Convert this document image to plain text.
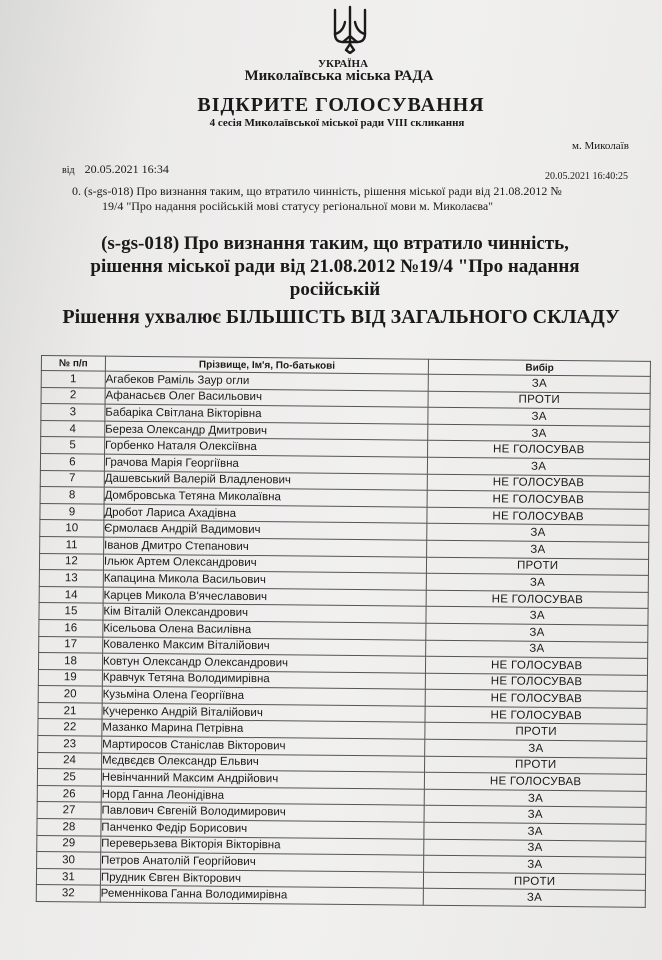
УКРАЇНА
Миколаївська міська РАДА
ВІДКРИТЕ ГОЛОСУВАННЯ
4 сесія Миколаївської міської ради VIII скликання
м. Миколаїв
від 20.05.2021 16:34
20.05.2021 16:40:25
0. (s-gs-018) Про визнання таким, що втратило чинність, рішення міської ради від 21.08.2012 №
19/4 "Про надання російській мові статусу регіональної мови м. Миколаєва"
(s-gs-018) Про визнання таким, що втратило чинність,
рішення міської ради від 21.08.2012 №19/4 "Про надання
російській
Рішення ухвалює БІЛЬШІСТЬ ВІД ЗАГАЛЬНОГО СКЛАДУ
№ п/п	Прізвище, Ім'я, По-батькові	Вибір
1	Агабеков Раміль Заур огли	ЗА
2	Афанасьєв Олег Васильович	ПРОТИ
3	Бабаріка Світлана Вікторівна	ЗА
4	Береза Олександр Дмитрович	ЗА
5	Горбенко Наталя Олексіївна	НЕ ГОЛОСУВАВ
6	Грачова Марія Георгіївна	ЗА
7	Дашевський Валерій Владленович	НЕ ГОЛОСУВАВ
8	Домбровська Тетяна Миколаївна	НЕ ГОЛОСУВАВ
9	Дробот Лариса Ахадівна	НЕ ГОЛОСУВАВ
10	Єрмолаєв Андрій Вадимович	ЗА
11	Іванов Дмитро Степанович	ЗА
12	Ільюк Артем Олександрович	ПРОТИ
13	Капацина Микола Васильович	ЗА
14	Карцев Микола В'ячеславович	НЕ ГОЛОСУВАВ
15	Кім Віталій Олександрович	ЗА
16	Кісельова Олена Василівна	ЗА
17	Коваленко Максим Віталійович	ЗА
18	Ковтун Олександр Олександрович	НЕ ГОЛОСУВАВ
19	Кравчук Тетяна Володимирівна	НЕ ГОЛОСУВАВ
20	Кузьміна Олена Георгіївна	НЕ ГОЛОСУВАВ
21	Кучеренко Андрій Віталійович	НЕ ГОЛОСУВАВ
22	Мазанко Марина Петрівна	ПРОТИ
23	Мартиросов Станіслав Вікторович	ЗА
24	Мєдвєдєв Олександр Ельвич	ПРОТИ
25	Невінчанний Максим Андрійович	НЕ ГОЛОСУВАВ
26	Норд Ганна Леонідівна	ЗА
27	Павлович Євгеній Володимирович	ЗА
28	Панченко Федір Борисович	ЗА
29	Переверьзева Вікторія Вікторівна	ЗА
30	Петров Анатолій Георгійович	ЗА
31	Прудник Євген Вікторович	ПРОТИ
32	Ременнікова Ганна Володимирівна	ЗА
